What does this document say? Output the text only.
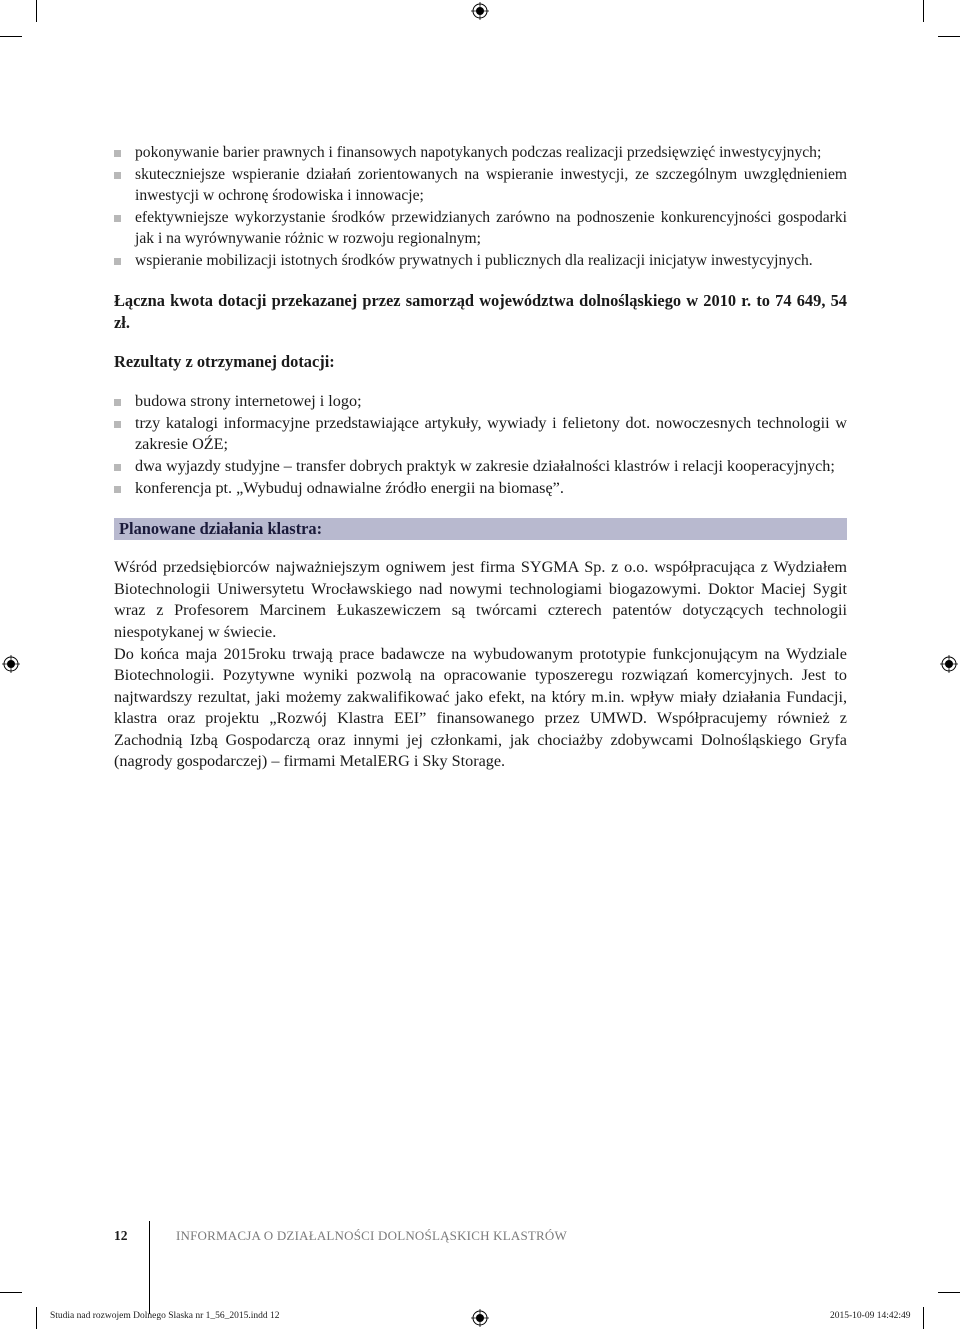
pokonywanie barier prawnych i finansowych napotykanych podczas realizacji przedsięwzięć inwestycyjnych;
skuteczniejsze wspieranie działań zorientowanych na wspieranie inwestycji, ze szczególnym uwzględnieniem inwestycji w ochronę środowiska i innowacje;
efektywniejsze wykorzystanie środków przewidzianych zarówno na podnoszenie konkurencyjności gospodarki jak i na wyrównywanie różnic w rozwoju regionalnym;
wspieranie mobilizacji istotnych środków prywatnych i publicznych dla realizacji inicjatyw inwestycyjnych.
Łączna kwota dotacji przekazanej przez samorząd województwa dolnośląskiego w 2010 r. to 74 649, 54 zł.
Rezultaty z otrzymanej dotacji:
budowa strony internetowej i logo;
trzy katalogi informacyjne przedstawiające artykuły, wywiady i felietony dot. nowoczesnych technologii w zakresie OŹE;
dwa wyjazdy studyjne – transfer dobrych praktyk w zakresie działalności klastrów i relacji kooperacyjnych;
konferencja pt. „Wybuduj odnawialne źródło energii na biomasę”.
Planowane działania klastra:

Wśród przedsiębiorców najważniejszym ogniwem jest firma SYGMA Sp. z o.o. współpracująca z Wydziałem Biotechnologii Uniwersytetu Wrocławskiego nad nowymi technologiami biogazowymi. Doktor Maciej Sygit wraz z Profesorem Marcinem Łukaszewiczem są twórcami czterech patentów dotyczących technologii niespotykanej w świecie.

Do końca maja 2015roku trwają prace badawcze na wybudowanym prototypie funkcjonującym na Wydziale Biotechnologii. Pozytywne wyniki pozwolą na opracowanie typoszeregu rozwiązań komercyjnych. Jest to najtwardszy rezultat, jaki możemy zakwalifikować jako efekt, na który m.in. wpływ miały działania Fundacji, klastra oraz projektu „Rozwój Klastra EEI” finansowanego przez UMWD. Współpracujemy również z Zachodnią Izbą Gospodarczą oraz innymi jej członkami, jak chociażby zdobywcami Dolnośląskiego Gryfa (nagrody gospodarczej) – firmami MetalERG i Sky Storage.

12	INFORMACJA O DZIAŁALNOŚCI DOLNOŚLĄSKICH KLASTRÓW
Studia nad rozwojem Dolnego Slaska nr 1_56_2015.indd 12	2015-10-09 14:42:49
